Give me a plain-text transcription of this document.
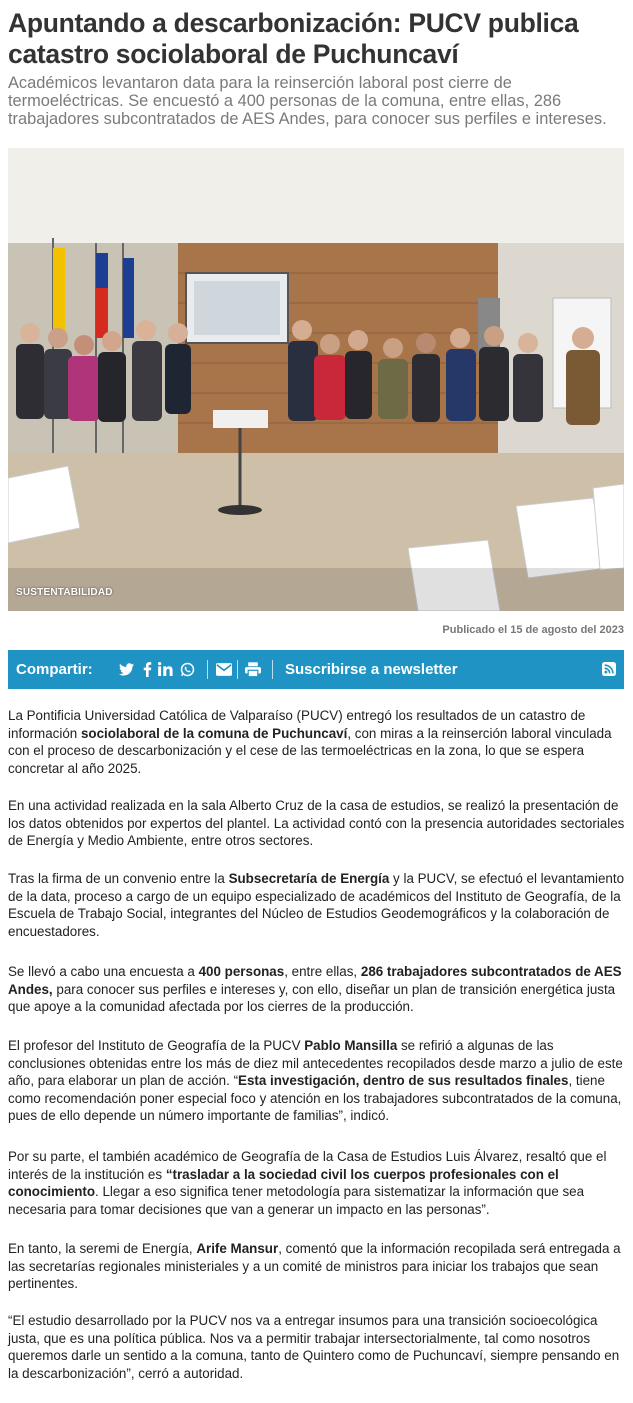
Apuntando a descarbonización: PUCV publica catastro sociolaboral de Puchuncaví

Académicos levantaron data para la reinserción laboral post cierre de termoeléctricas. Se encuestó a 400 personas de la comuna, entre ellas, 286 trabajadores subcontratados de AES Andes, para conocer sus perfiles e intereses.

SUSTENTABILIDAD
Publicado el 15 de agosto del 2023
Compartir:	Suscribirse a newsletter

La Pontificia Universidad Católica de Valparaíso (PUCV) entregó los resultados de un catastro de información sociolaboral de la comuna de Puchuncaví, con miras a la reinserción laboral vinculada con el proceso de descarbonización y el cese de las termoeléctricas en la zona, lo que se espera concretar al año 2025.

En una actividad realizada en la sala Alberto Cruz de la casa de estudios, se realizó la presentación de los datos obtenidos por expertos del plantel. La actividad contó con la presencia autoridades sectoriales de Energía y Medio Ambiente, entre otros sectores.

Tras la firma de un convenio entre la Subsecretaría de Energía y la PUCV, se efectuó el levantamiento de la data, proceso a cargo de un equipo especializado de académicos del Instituto de Geografía, de la Escuela de Trabajo Social, integrantes del Núcleo de Estudios Geodemográficos y la colaboración de encuestadores.

Se llevó a cabo una encuesta a 400 personas, entre ellas, 286 trabajadores subcontratados de AES Andes, para conocer sus perfiles e intereses y, con ello, diseñar un plan de transición energética justa que apoye a la comunidad afectada por los cierres de la producción.

El profesor del Instituto de Geografía de la PUCV Pablo Mansilla se refirió a algunas de las conclusiones obtenidas entre los más de diez mil antecedentes recopilados desde marzo a julio de este año, para elaborar un plan de acción. “Esta investigación, dentro de sus resultados finales, tiene como recomendación poner especial foco y atención en los trabajadores subcontratados de la comuna, pues de ello depende un número importante de familias”, indicó.

Por su parte, el también académico de Geografía de la Casa de Estudios Luis Álvarez, resaltó que el interés de la institución es “trasladar a la sociedad civil los cuerpos profesionales con el conocimiento. Llegar a eso significa tener metodología para sistematizar la información que sea necesaria para tomar decisiones que van a generar un impacto en las personas”.

En tanto, la seremi de Energía, Arife Mansur, comentó que la información recopilada será entregada a las secretarías regionales ministeriales y a un comité de ministros para iniciar los trabajos que sean pertinentes.

“El estudio desarrollado por la PUCV nos va a entregar insumos para una transición socioecológica justa, que es una política pública. Nos va a permitir trabajar intersectorialmente, tal como nosotros queremos darle un sentido a la comuna, tanto de Quintero como de Puchuncaví, siempre pensando en la descarbonización”, cerró a autoridad.
